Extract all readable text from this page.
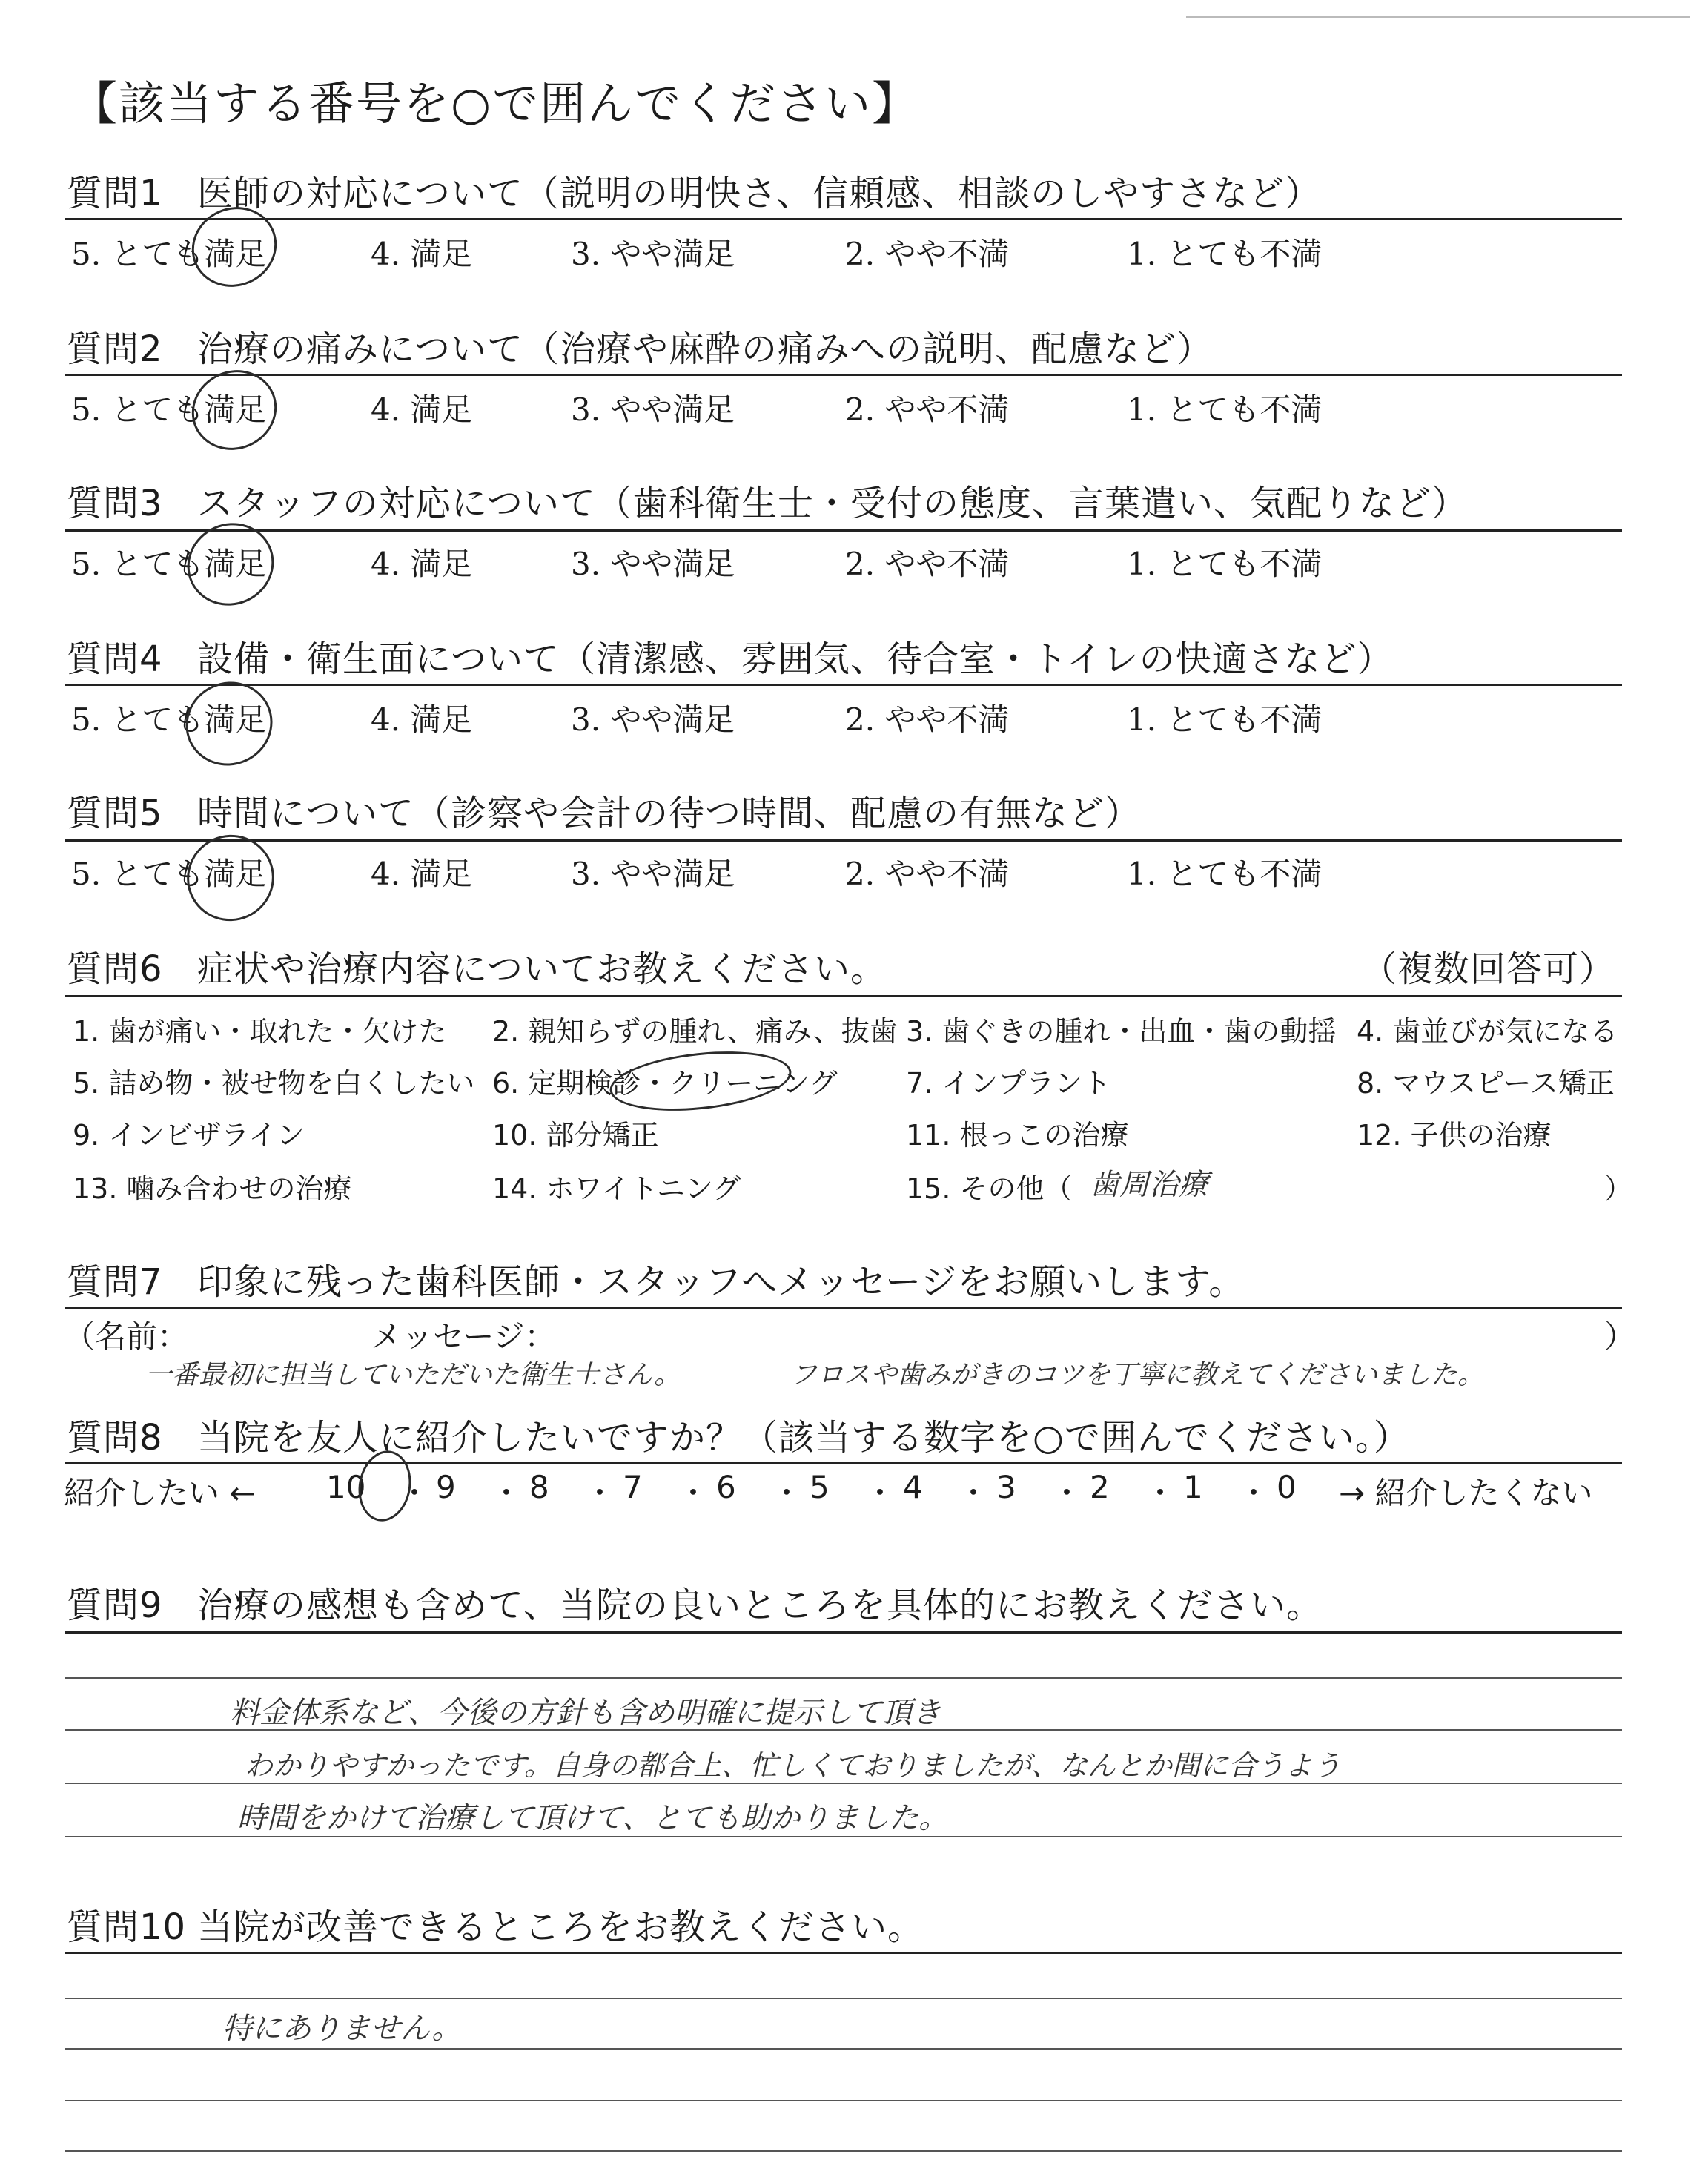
【該当する番号を○で囲んでください】
質問1 医師の対応について（説明の明快さ、信頼感、相談のしやすさなど）
5. とても満足	4. 満足	3. やや満足	2. やや不満	1. とても不満
質問2 治療の痛みについて（治療や麻酔の痛みへの説明、配慮など）
5. とても満足	4. 満足	3. やや満足	2. やや不満	1. とても不満
質問3 スタッフの対応について（歯科衛生士・受付の態度、言葉遣い、気配りなど）
5. とても満足	4. 満足	3. やや満足	2. やや不満	1. とても不満
質問4 設備・衛生面について（清潔感、雰囲気、待合室・トイレの快適さなど）
5. とても満足	4. 満足	3. やや満足	2. やや不満	1. とても不満
質問5 時間について（診察や会計の待つ時間、配慮の有無など）
5. とても満足	4. 満足	3. やや満足	2. やや不満	1. とても不満
質問6 症状や治療内容についてお教えください。	（複数回答可）
1. 歯が痛い・取れた・欠けた 2. 親知らずの腫れ、痛み、抜歯 3. 歯ぐきの腫れ・出血・歯の動揺 4. 歯並びが気になる
5. 詰め物・被せ物を白くしたい 6. 定期検診・クリーニング 7. インプラント	8. マウスピース矯正
9. インビザライン	10. 部分矯正	11. 根っこの治療	12. 子供の治療
13. 噛み合わせの治療	14. ホワイトニング	15. その他（ 歯周治療	）
質問7 印象に残った歯科医師・スタッフへメッセージをお願いします。
（名前：	メッセージ：	）
一番最初に担当していただいた衛生士さん。	フロスや歯みがきのコツを丁寧に教えてくださいました。
質問8 当院を友人に紹介したいですか？（該当する数字を○で囲んでください。）
紹介したい ← 10 ・ 9 ・ 8 ・ 7 ・ 6 ・ 5 ・ 4 ・ 3 ・ 2 ・ 1 ・ 0 → 紹介したくない
質問9 治療の感想も含めて、当院の良いところを具体的にお教えください。
料金体系など、今後の方針も含め明確に提示して頂き
わかりやすかったです。自身の都合上、忙しくておりましたが、なんとか間に合うよう
時間をかけて治療して頂けて、とても助かりました。
質問10 当院が改善できるところをお教えください。
特にありません。
